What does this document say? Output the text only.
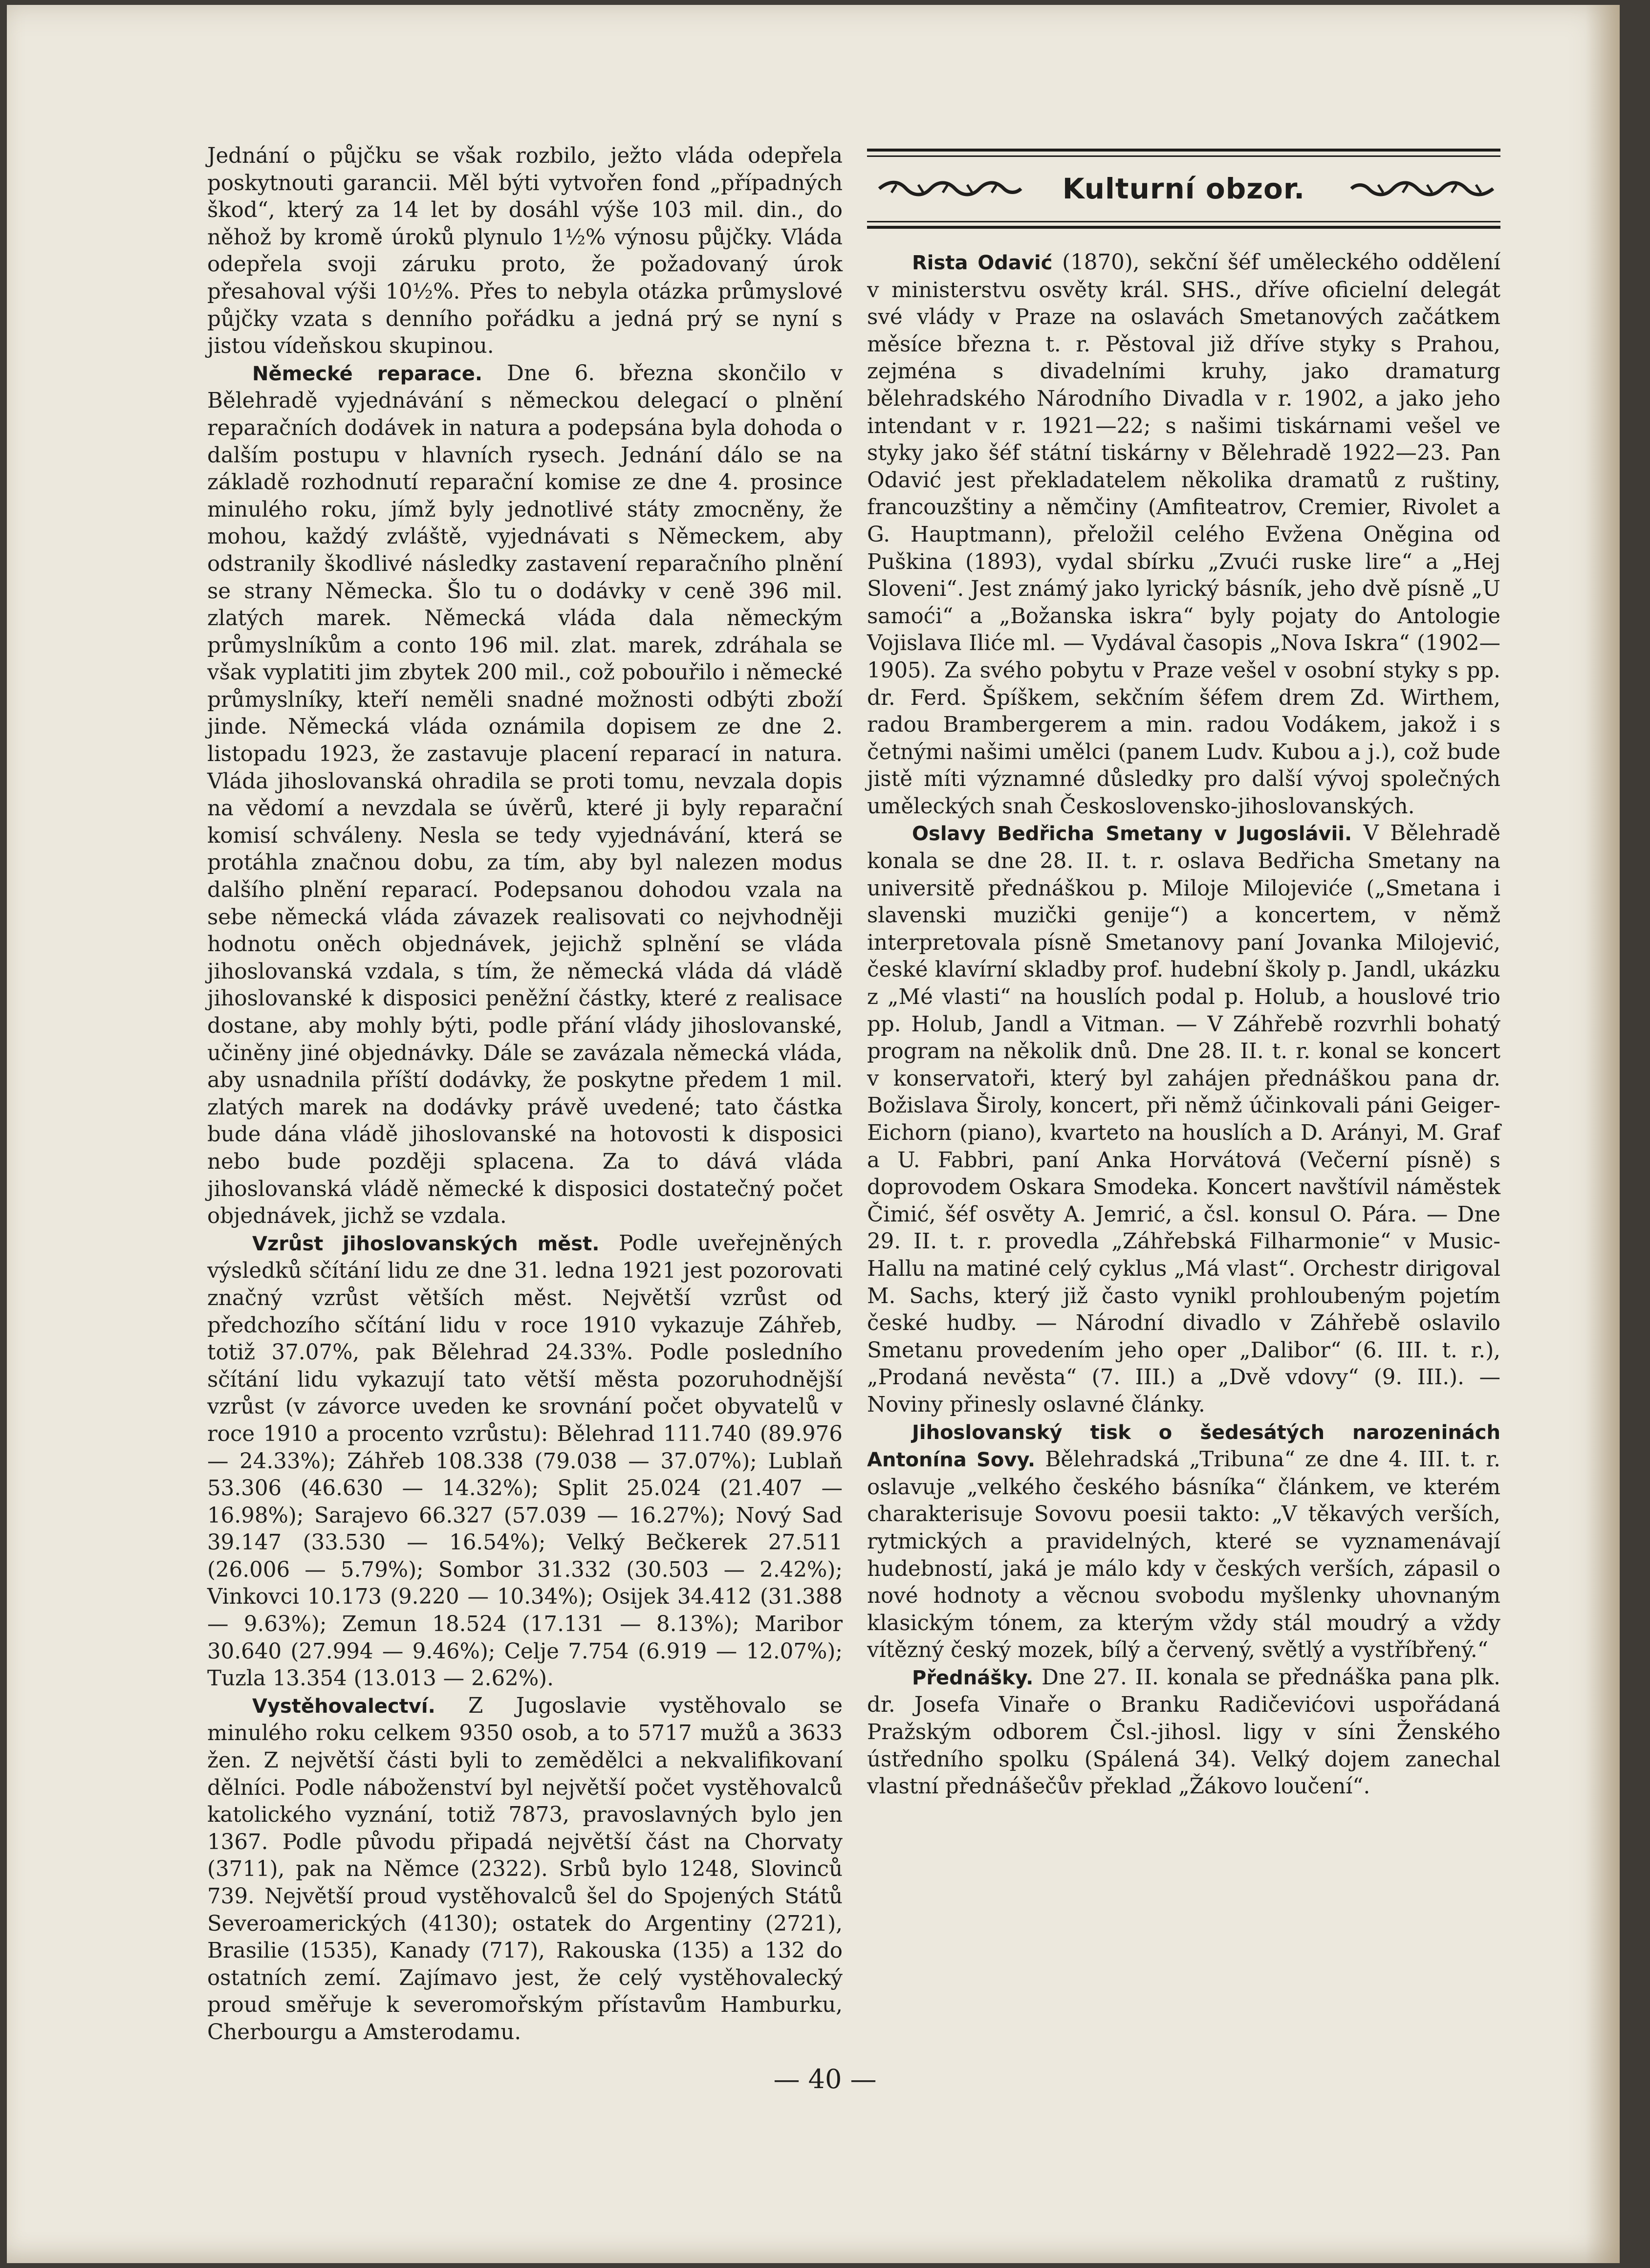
Jednání o půjčku se však rozbilo, ježto vláda odepřela poskytnouti garancii. Měl býti vytvořen fond „případných škod“, který za 14 let by dosáhl výše 103 mil. din., do něhož by kromě úroků plynulo 1½% výnosu půjčky. Vláda odepřela svoji záruku proto, že požadovaný úrok přesahoval výši 10½%. Přes to nebyla otázka průmyslové půjčky vzata s denního pořádku a jedná prý se nyní s jistou vídeňskou skupinou.

Německé reparace. Dne 6. března skončilo v Bělehradě vyjednávání s německou delegací o plnění reparačních dodávek in natura a podepsána byla dohoda o dalším postupu v hlavních rysech. Jednání dálo se na základě rozhodnutí reparační komise ze dne 4. prosince minulého roku, jímž byly jednotlivé státy zmocněny, že mohou, každý zvláště, vyjednávati s Německem, aby odstranily škodlivé následky zastavení reparačního plnění se strany Německa. Šlo tu o dodávky v ceně 396 mil. zlatých marek. Německá vláda dala německým průmyslníkům a conto 196 mil. zlat. marek, zdráhala se však vyplatiti jim zbytek 200 mil., což pobouřilo i německé průmyslníky, kteří neměli snadné možnosti odbýti zboží jinde. Německá vláda oznámila dopisem ze dne 2. listopadu 1923, že zastavuje placení reparací in natura. Vláda jihoslovanská ohradila se proti tomu, nevzala dopis na vědomí a nevzdala se úvěrů, které ji byly reparační komisí schváleny. Nesla se tedy vyjednávání, která se protáhla značnou dobu, za tím, aby byl nalezen modus dalšího plnění reparací. Podepsanou dohodou vzala na sebe německá vláda závazek realisovati co nejvhodněji hodnotu oněch objednávek, jejichž splnění se vláda jihoslovanská vzdala, s tím, že německá vláda dá vládě jihoslovanské k disposici peněžní částky, které z realisace dostane, aby mohly býti, podle přání vlády jihoslovanské, učiněny jiné objednávky. Dále se zavázala německá vláda, aby usnadnila příští dodávky, že poskytne předem 1 mil. zlatých marek na dodávky právě uvedené; tato částka bude dána vládě jihoslovanské na hotovosti k disposici nebo bude později splacena. Za to dává vláda jihoslovanská vládě německé k disposici dostatečný počet objednávek, jichž se vzdala.

Vzrůst jihoslovanských měst. Podle uveřejněných výsledků sčítání lidu ze dne 31. ledna 1921 jest pozorovati značný vzrůst větších měst. Největší vzrůst od předchozího sčítání lidu v roce 1910 vykazuje Záhřeb, totiž 37.07%, pak Bělehrad 24.33%. Podle posledního sčítání lidu vykazují tato větší města pozoruhodnější vzrůst (v závorce uveden ke srovnání počet obyvatelů v roce 1910 a procento vzrůstu): Bělehrad 111.740 (89.976 — 24.33%); Záhřeb 108.338 (79.038 — 37.07%); Lublaň 53.306 (46.630 — 14.32%); Split 25.024 (21.407 — 16.98%); Sarajevo 66.327 (57.039 — 16.27%); Nový Sad 39.147 (33.530 — 16.54%); Velký Bečkerek 27.511 (26.006 — 5.79%); Sombor 31.332 (30.503 — 2.42%); Vinkovci 10.173 (9.220 — 10.34%); Osijek 34.412 (31.388 — 9.63%); Zemun 18.524 (17.131 — 8.13%); Maribor 30.640 (27.994 — 9.46%); Celje 7.754 (6.919 — 12.07%); Tuzla 13.354 (13.013 — 2.62%).

Vystěhovalectví. Z Jugoslavie vystěhovalo se minulého roku celkem 9350 osob, a to 5717 mužů a 3633 žen. Z největší části byli to zemědělci a nekvalifikovaní dělníci. Podle náboženství byl největší počet vystěhovalců katolického vyznání, totiž 7873, pravoslavných bylo jen 1367. Podle původu připadá největší část na Chorvaty (3711), pak na Němce (2322). Srbů bylo 1248, Slovinců 739. Největší proud vystěhovalců šel do Spojených Států Severoamerických (4130); ostatek do Argentiny (2721), Brasilie (1535), Kanady (717), Rakouska (135) a 132 do ostatních zemí. Zajímavo jest, že celý vystěhovalecký proud směřuje k severomořským přístavům Hamburku, Cherbourgu a Amsterodamu.

Kulturní obzor.

Rista Odavić (1870), sekční šéf uměleckého oddělení v ministerstvu osvěty král. SHS., dříve oficielní delegát své vlády v Praze na oslavách Smetanových začátkem měsíce března t. r. Pěstoval již dříve styky s Prahou, zejména s divadelními kruhy, jako dramaturg bělehradského Národního Divadla v r. 1902, a jako jeho intendant v r. 1921—22; s našimi tiskárnami vešel ve styky jako šéf státní tiskárny v Bělehradě 1922—23. Pan Odavić jest překladatelem několika dramatů z ruštiny, francouzštiny a němčiny (Amfiteatrov, Cremier, Rivolet a G. Hauptmann), přeložil celého Evžena Oněgina od Puškina (1893), vydal sbírku „Zvući ruske lire“ a „Hej Sloveni“. Jest známý jako lyrický básník, jeho dvě písně „U samoći“ a „Božanska iskra“ byly pojaty do Antologie Vojislava Iliće ml. — Vydával časopis „Nova Iskra“ (1902—1905). Za svého pobytu v Praze vešel v osobní styky s pp. dr. Ferd. Špíškem, sekčním šéfem drem Zd. Wirthem, radou Brambergerem a min. radou Vodákem, jakož i s četnými našimi umělci (panem Ludv. Kubou a j.), což bude jistě míti významné důsledky pro další vývoj společných uměleckých snah Československo-jihoslovanských.

Oslavy Bedřicha Smetany v Jugoslávii. V Bělehradě konala se dne 28. II. t. r. oslava Bedřicha Smetany na universitě přednáškou p. Miloje Milojeviće („Smetana i slavenski muzički genije“) a koncertem, v němž interpretovala písně Smetanovy paní Jovanka Milojević, české klavírní skladby prof. hudební školy p. Jandl, ukázku z „Mé vlasti“ na houslích podal p. Holub, a houslové trio pp. Holub, Jandl a Vitman. — V Záhřebě rozvrhli bohatý program na několik dnů. Dne 28. II. t. r. konal se koncert v konservatoři, který byl zahájen přednáškou pana dr. Božislava Široly, koncert, při němž účinkovali páni Geiger-Eichorn (piano), kvarteto na houslích a D. Arányi, M. Graf a U. Fabbri, paní Anka Horvátová (Večerní písně) s doprovodem Oskara Smodeka. Koncert navštívil náměstek Čimić, šéf osvěty A. Jemrić, a čsl. konsul O. Pára. — Dne 29. II. t. r. provedla „Záhřebská Filharmonie“ v Music-Hallu na matiné celý cyklus „Má vlast“. Orchestr dirigoval M. Sachs, který již často vynikl prohloubeným pojetím české hudby. — Národní divadlo v Záhřebě oslavilo Smetanu provedením jeho oper „Dalibor“ (6. III. t. r.), „Prodaná nevěsta“ (7. III.) a „Dvě vdovy“ (9. III.). — Noviny přinesly oslavné články.

Jihoslovanský tisk o šedesátých narozeninách Antonína Sovy. Bělehradská „Tribuna“ ze dne 4. III. t. r. oslavuje „velkého českého básníka“ článkem, ve kterém charakterisuje Sovovu poesii takto: „V těkavých verších, rytmických a pravidelných, které se vyznamenávají hudebností, jaká je málo kdy v českých verších, zápasil o nové hodnoty a věcnou svobodu myšlenky uhovnaným klasickým tónem, za kterým vždy stál moudrý a vždy vítězný český mozek, bílý a červený, světlý a vystříbřený.“

Přednášky. Dne 27. II. konala se přednáška pana plk. dr. Josefa Vinaře o Branku Radičevićovi uspořádaná Pražským odborem Čsl.-jihosl. ligy v síni Ženského ústředního spolku (Spálená 34). Velký dojem zanechal vlastní přednášečův překlad „Žákovo loučení“.

— 40 —
